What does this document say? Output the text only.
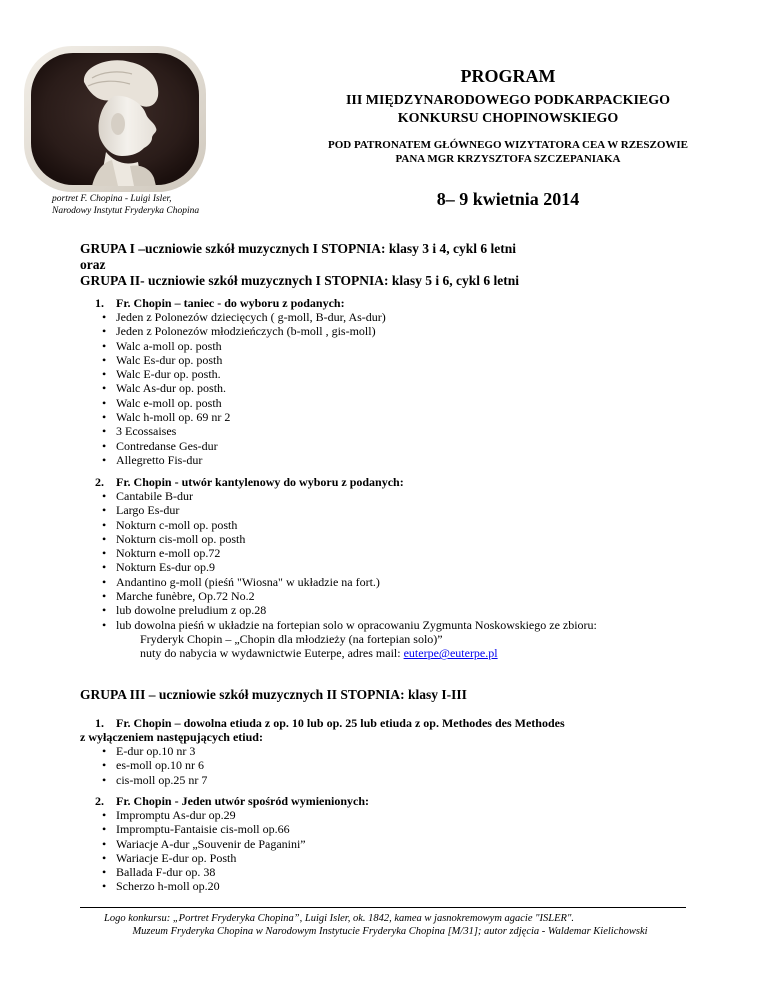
portret F. Chopina - Luigi Isler,
Narodowy Instytut Fryderyka Chopina
PROGRAM
III MIĘDZYNARODOWEGO PODKARPACKIEGO
KONKURSU CHOPINOWSKIEGO
POD PATRONATEM GŁÓWNEGO WIZYTATORA CEA W RZESZOWIE
PANA MGR KRZYSZTOFA SZCZEPANIAKA
8– 9 kwietnia 2014
GRUPA I –uczniowie szkół muzycznych I STOPNIA: klasy 3 i 4, cykl 6 letni
oraz
GRUPA II- uczniowie szkół muzycznych I STOPNIA: klasy 5 i 6, cykl 6 letni
1. Fr. Chopin – taniec - do wyboru z podanych:
• Jeden z Polonezów dziecięcych ( g-moll, B-dur, As-dur)
• Jeden z Polonezów młodzieńczych (b-moll , gis-moll)
• Walc a-moll op. posth
• Walc Es-dur op. posth
• Walc E-dur op. posth.
• Walc As-dur op. posth.
• Walc e-moll op. posth
• Walc h-moll op. 69 nr 2
• 3 Ecossaises
• Contredanse Ges-dur
• Allegretto Fis-dur
2. Fr. Chopin - utwór kantylenowy do wyboru z podanych:
• Cantabile B-dur
• Largo Es-dur
• Nokturn c-moll op. posth
• Nokturn cis-moll op. posth
• Nokturn e-moll op.72
• Nokturn Es-dur op.9
• Andantino g-moll (pieśń "Wiosna" w układzie na fort.)
• Marche funèbre, Op.72 No.2
• lub dowolne preludium z op.28
• lub dowolna pieśń w układzie na fortepian solo w opracowaniu Zygmunta Noskowskiego ze zbioru:
Fryderyk Chopin – „Chopin dla młodzieży (na fortepian solo)”
nuty do nabycia w wydawnictwie Euterpe, adres mail: euterpe@euterpe.pl
GRUPA III – uczniowie szkół muzycznych II STOPNIA: klasy I-III
1. Fr. Chopin – dowolna etiuda z op. 10 lub op. 25 lub etiuda z op. Methodes des Methodes
z wyłączeniem następujących etiud:
• E-dur op.10 nr 3
• es-moll op.10 nr 6
• cis-moll op.25 nr 7
2. Fr. Chopin - Jeden utwór spośród wymienionych:
• Impromptu As-dur op.29
• Impromptu-Fantaisie cis-moll op.66
• Wariacje A-dur „Souvenir de Paganini”
• Wariacje E-dur op. Posth
• Ballada F-dur op. 38
• Scherzo h-moll op.20
Logo konkursu: „Portret Fryderyka Chopina”, Luigi Isler, ok. 1842, kamea w jasnokremowym agacie "ISLER".
Muzeum Fryderyka Chopina w Narodowym Instytucie Fryderyka Chopina [M/31]; autor zdjęcia - Waldemar Kielichowski
